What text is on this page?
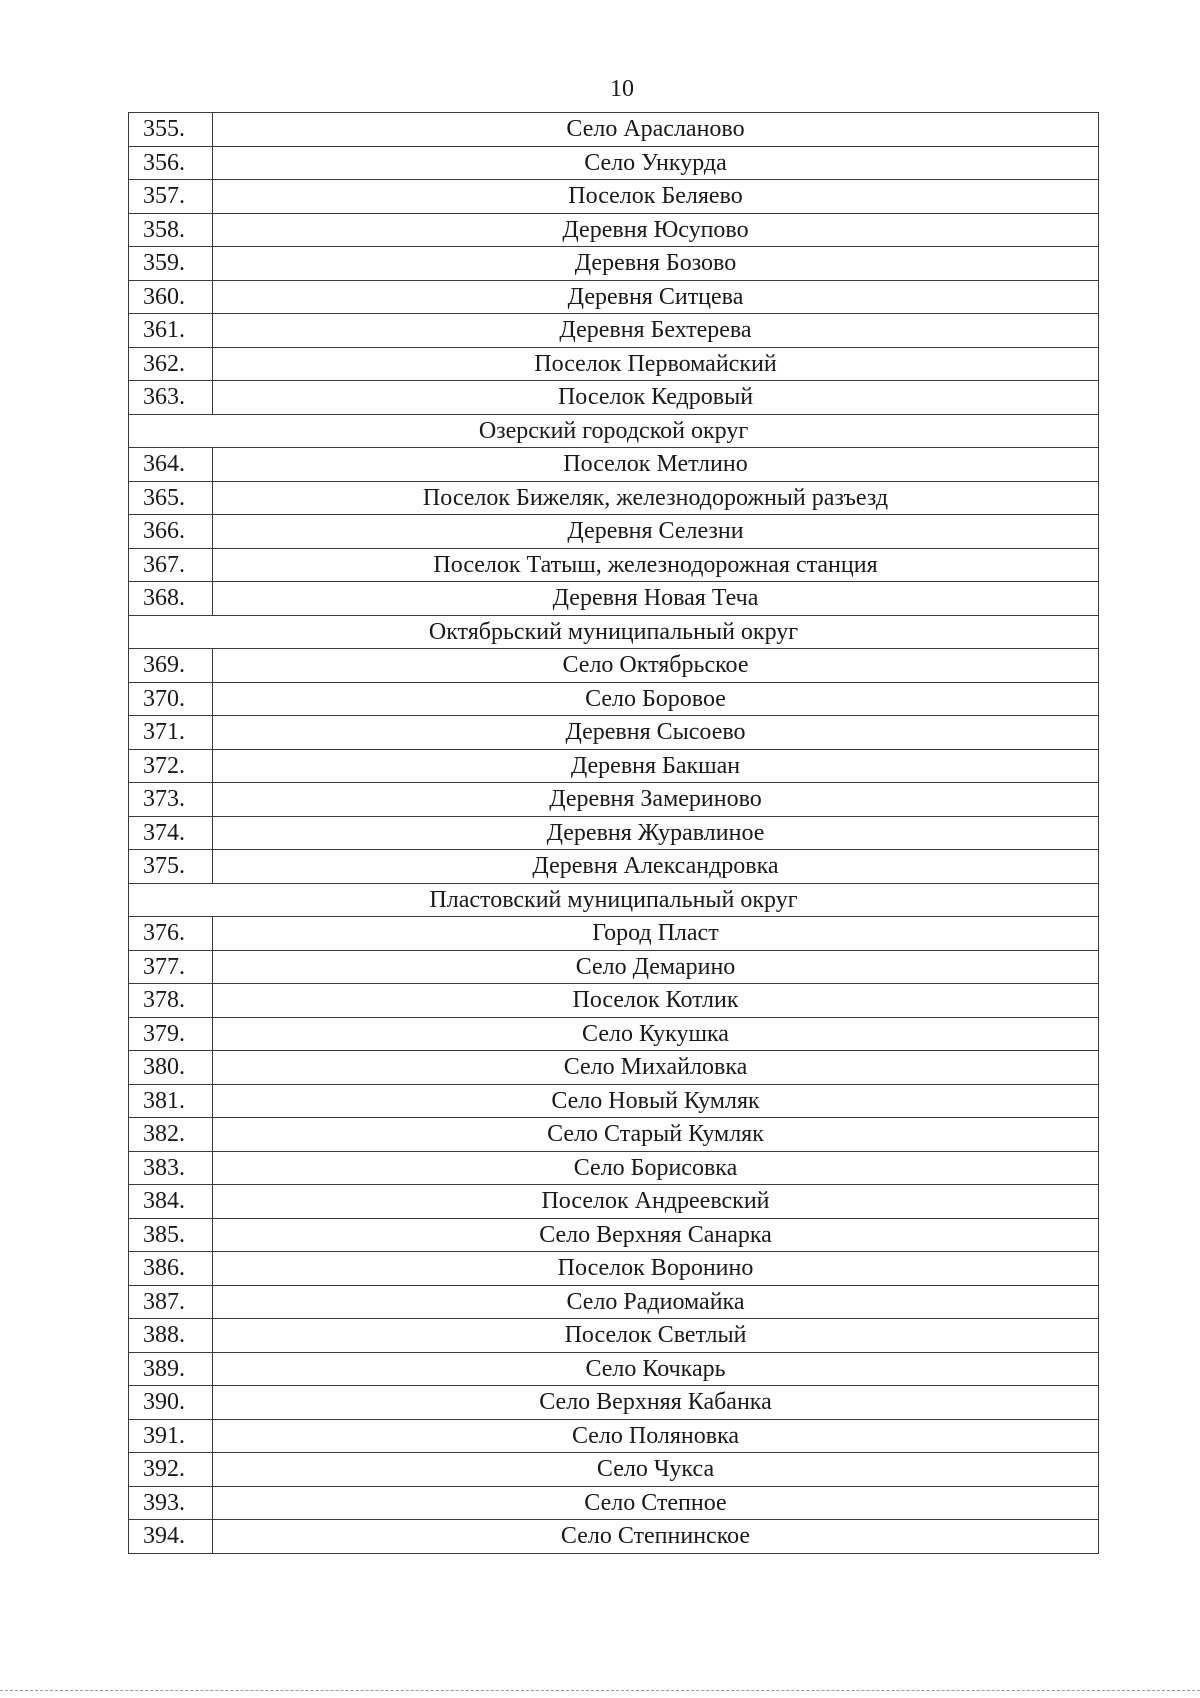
10
355.	Село Арасланово
356.	Село Ункурда
357.	Поселок Беляево
358.	Деревня Юсупово
359.	Деревня Бозово
360.	Деревня Ситцева
361.	Деревня Бехтерева
362.	Поселок Первомайский
363.	Поселок Кедровый
Озерский городской округ	
364.	Поселок Метлино
365.	Поселок Бижеляк, железнодорожный разъезд
366.	Деревня Селезни
367.	Поселок Татыш, железнодорожная станция
368.	Деревня Новая Теча
Октябрьский муниципальный округ	
369.	Село Октябрьское
370.	Село Боровое
371.	Деревня Сысоево
372.	Деревня Бакшан
373.	Деревня Замериново
374.	Деревня Журавлиное
375.	Деревня Александровка
Пластовский муниципальный округ	
376.	Город Пласт
377.	Село Демарино
378.	Поселок Котлик
379.	Село Кукушка
380.	Село Михайловка
381.	Село Новый Кумляк
382.	Село Старый Кумляк
383.	Село Борисовка
384.	Поселок Андреевский
385.	Село Верхняя Санарка
386.	Поселок Воронино
387.	Село Радиомайка
388.	Поселок Светлый
389.	Село Кочкарь
390.	Село Верхняя Кабанка
391.	Село Поляновка
392.	Село Чукса
393.	Село Степное
394.	Село Степнинское
